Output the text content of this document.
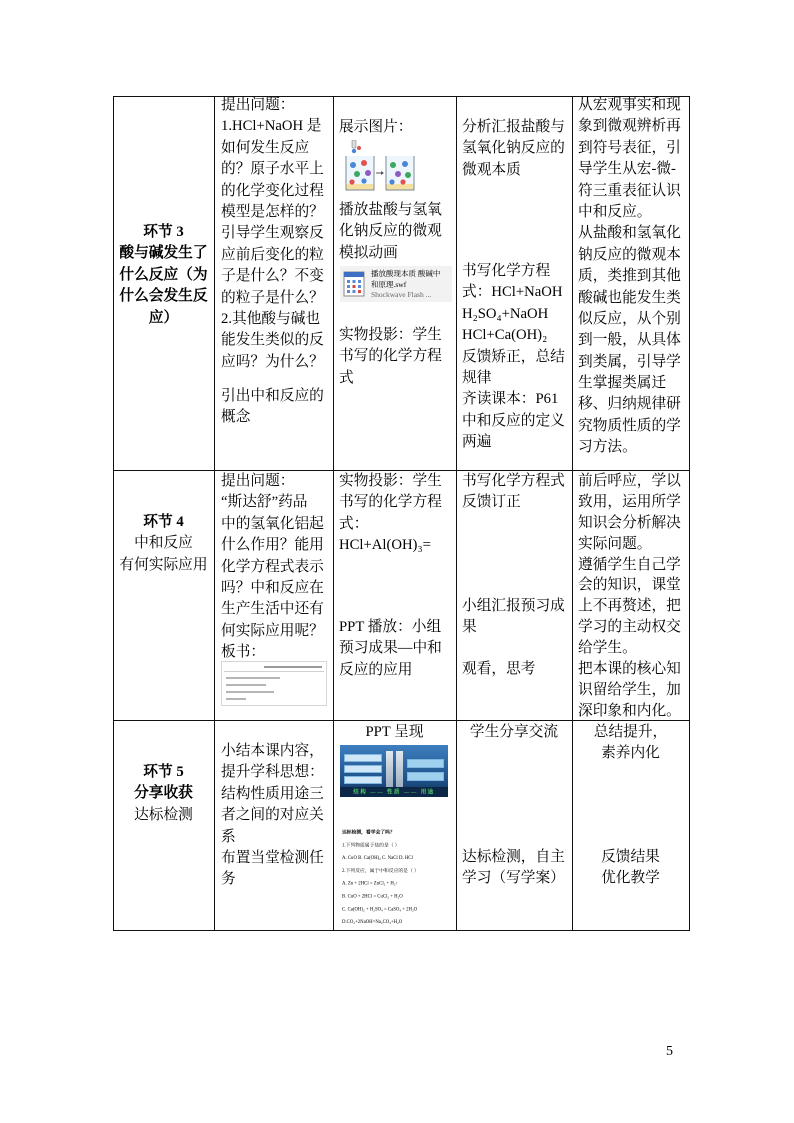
环节 3
酸与碱发生了
什么反应（为
什么会发生反
应）
提出问题：
1.HCl+NaOH 是
如何发生反应
的？原子水平上
的化学变化过程
模型是怎样的？
引导学生观察反
应前后变化的粒
子是什么？不变
的粒子是什么？
2.其他酸与碱也
能发生类似的反
应吗？为什么？
引出中和反应的
概念
展示图片：
播放盐酸与氢氧
化钠反应的微观
模拟动画
播放酸现本质 酸碱中
和原理.swf
Shockwave Flash ...
实物投影：学生
书写的化学方程
式
分析汇报盐酸与
氢氧化钠反应的
微观本质
书写化学方程
式：HCl+NaOH
H₂SO₄+NaOH
HCl+Ca(OH)₂
反馈矫正，总结
规律
齐读课本：P61
中和反应的定义
两遍
从宏观事实和现
象到微观辨析再
到符号表征，引
导学生从宏-微-
符三重表征认识
中和反应。
从盐酸和氢氧化
钠反应的微观本
质，类推到其他
酸碱也能发生类
似反应，从个别
到一般，从具体
到类属，引导学
生掌握类属迁
移、归纳规律研
究物质性质的学
习方法。
环节 4
中和反应
有何实际应用
提出问题：
“斯达舒”药品
中的氢氧化铝起
什么作用？能用
化学方程式表示
吗？中和反应在
生产生活中还有
何实际应用呢？
板书：
实物投影：学生
书写的化学方程
式：
HCl+Al(OH)₃=
PPT 播放：小组
预习成果—中和
反应的应用
书写化学方程式
反馈订正
小组汇报预习成
果
观看，思考
前后呼应，学以
致用，运用所学
知识会分析解决
实际问题。
遵循学生自己学
会的知识，课堂
上不再赘述，把
学习的主动权交
给学生。
把本课的核心知
识留给学生，加
深印象和内化。
环节 5
分享收获
达标检测
小结本课内容，
提升学科思想：
结构性质用途三
者之间的对应关
系
布置当堂检测任
务
PPT 呈现
结构 —— 性质 —— 用途
达标检测，看学会了吗？
1.下列物质属于盐的是（ ）
A. CuO B. Ca(OH)₂ C. NaCl D. HCl
2.下列反应，属于中和反应的是（ ）
A. Zn + 2HCl = ZnCl₂ + H₂↑
B. CuO + 2HCl = CuCl₂ + H₂O
C. Ca(OH)₂ + H₂SO₄ = CaSO₄ + 2H₂O
D.CO₂+2NaOH=Na₂CO₃+H₂O
学生分享交流
达标检测，自主
学习（写学案）
总结提升，
素养内化
反馈结果
优化教学
5
